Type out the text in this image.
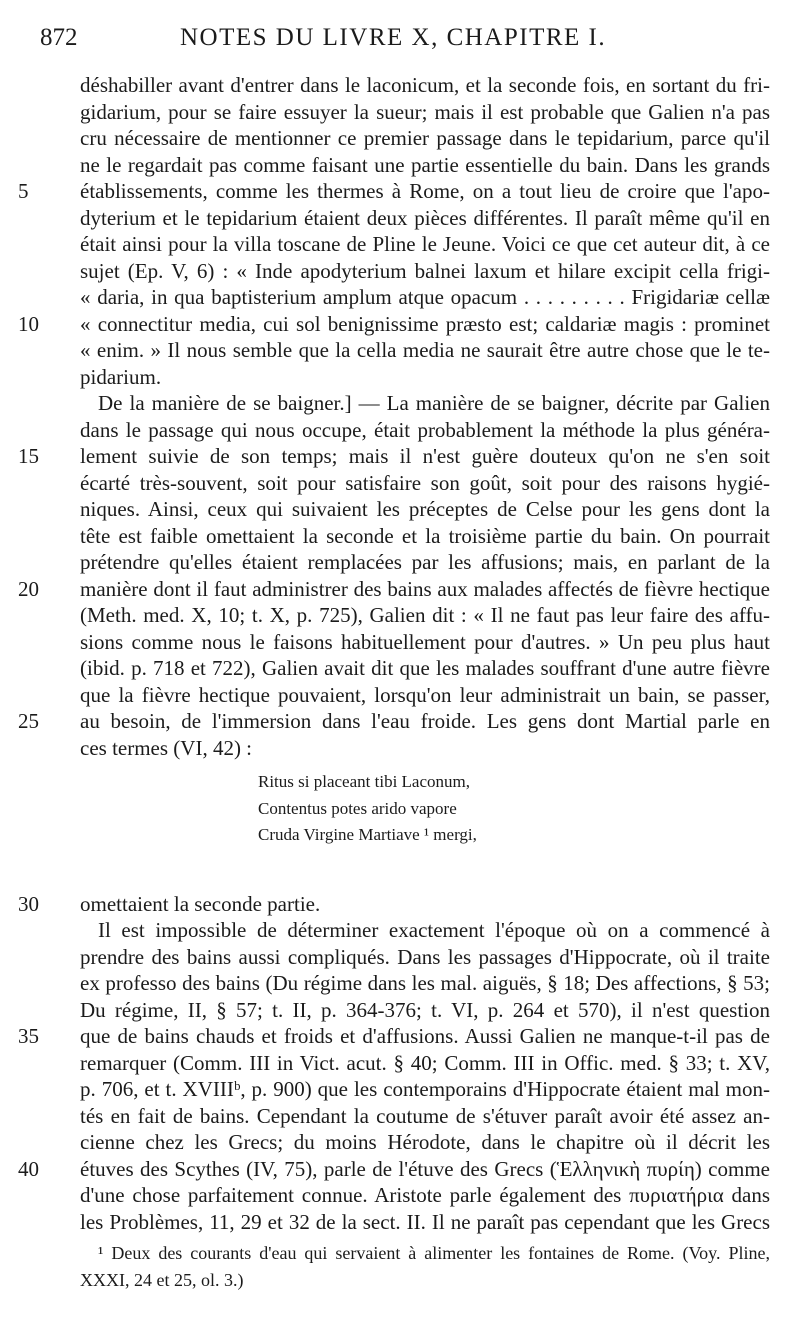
872	NOTES DU LIVRE X, CHAPITRE I.
déshabiller avant d'entrer dans le laconicum, et la seconde fois, en sortant du fri-
gidarium, pour se faire essuyer la sueur; mais il est probable que Galien n'a pas
cru nécessaire de mentionner ce premier passage dans le tepidarium, parce qu'il
ne le regardait pas comme faisant une partie essentielle du bain. Dans les grands
5	établissements, comme les thermes à Rome, on a tout lieu de croire que l'apo-
dyterium et le tepidarium étaient deux pièces différentes. Il paraît même qu'il en
était ainsi pour la villa toscane de Pline le Jeune. Voici ce que cet auteur dit, à ce
sujet (Ep. V, 6) : « Inde apodyterium balnei laxum et hilare excipit cella frigi-
« daria, in qua baptisterium amplum atque opacum . . . . . . . . . Frigidariæ cellæ
10	« connectitur media, cui sol benignissime præsto est; caldariæ magis : prominet
« enim. » Il nous semble que la cella media ne saurait être autre chose que le te-
pidarium.
De la manière de se baigner.] — La manière de se baigner, décrite par Galien
dans le passage qui nous occupe, était probablement la méthode la plus généra-
15	lement suivie de son temps; mais il n'est guère douteux qu'on ne s'en soit
écarté très-souvent, soit pour satisfaire son goût, soit pour des raisons hygié-
niques. Ainsi, ceux qui suivaient les préceptes de Celse pour les gens dont la
tête est faible omettaient la seconde et la troisième partie du bain. On pourrait
prétendre qu'elles étaient remplacées par les affusions; mais, en parlant de la
20	manière dont il faut administrer des bains aux malades affectés de fièvre hectique
(Meth. med. X, 10; t. X, p. 725), Galien dit : « Il ne faut pas leur faire des affu-
sions comme nous le faisons habituellement pour d'autres. » Un peu plus haut
(ibid. p. 718 et 722), Galien avait dit que les malades souffrant d'une autre fièvre
que la fièvre hectique pouvaient, lorsqu'on leur administrait un bain, se passer,
25	au besoin, de l'immersion dans l'eau froide. Les gens dont Martial parle en
ces termes (VI, 42) :
Ritus si placeant tibi Laconum,
Contentus potes arido vapore
Cruda Virgine Martiave ¹ mergi,
30	omettaient la seconde partie.
Il est impossible de déterminer exactement l'époque où on a commencé à
prendre des bains aussi compliqués. Dans les passages d'Hippocrate, où il traite
ex professo des bains (Du régime dans les mal. aiguës, § 18; Des affections, § 53;
Du régime, II, § 57; t. II, p. 364-376; t. VI, p. 264 et 570), il n'est question
35	que de bains chauds et froids et d'affusions. Aussi Galien ne manque-t-il pas de
remarquer (Comm. III in Vict. acut. § 40; Comm. III in Offic. med. § 33; t. XV,
p. 706, et t. XVIIIᵇ, p. 900) que les contemporains d'Hippocrate étaient mal mon-
tés en fait de bains. Cependant la coutume de s'étuver paraît avoir été assez an-
cienne chez les Grecs; du moins Hérodote, dans le chapitre où il décrit les
40	étuves des Scythes (IV, 75), parle de l'étuve des Grecs (Ἑλληνικὴ πυρίη) comme
d'une chose parfaitement connue. Aristote parle également des πυριατήρια dans
les Problèmes, 11, 29 et 32 de la sect. II. Il ne paraît pas cependant que les Grecs
¹ Deux des courants d'eau qui servaient à alimenter les fontaines de Rome. (Voy. Pline,
XXXI, 24 et 25, ol. 3.)
